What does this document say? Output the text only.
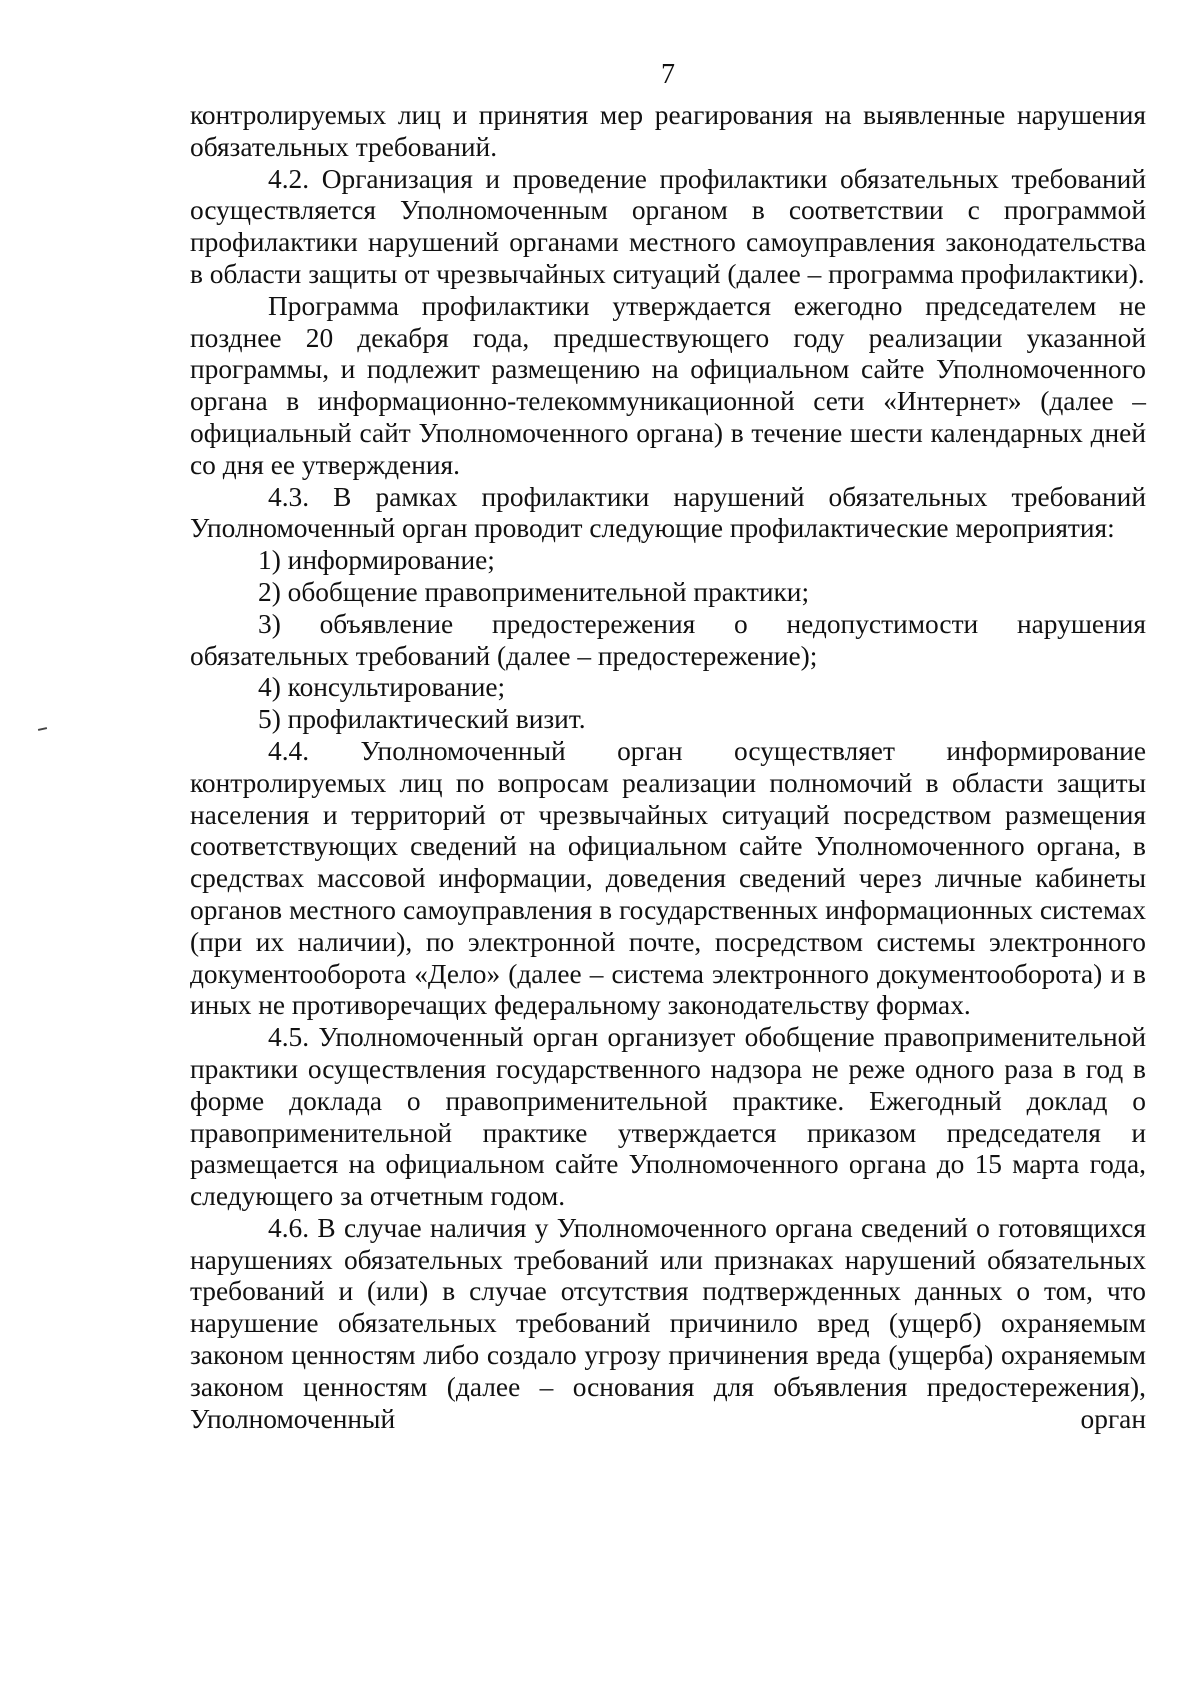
7

контролируемых лиц и принятия мер реагирования на выявленные нарушения обязательных требований.

4.2. Организация и проведение профилактики обязательных требований осуществляется Уполномоченным органом в соответствии с программой профилактики нарушений органами местного самоуправления законодательства в области защиты от чрезвычайных ситуаций (далее – программа профилактики).

Программа профилактики утверждается ежегодно председателем не позднее 20 декабря года, предшествующего году реализации указанной программы, и подлежит размещению на официальном сайте Уполномоченного органа в информационно-телекоммуникационной сети «Интернет» (далее – официальный сайт Уполномоченного органа) в течение шести календарных дней со дня ее утверждения.

4.3. В рамках профилактики нарушений обязательных требований Уполномоченный орган проводит следующие профилактические мероприятия:

1) информирование;

2) обобщение правоприменительной практики;

3) объявление предостережения о недопустимости нарушения обязательных требований (далее – предостережение);

4) консультирование;

5) профилактический визит.

4.4. Уполномоченный орган осуществляет информирование контролируемых лиц по вопросам реализации полномочий в области защиты населения и территорий от чрезвычайных ситуаций посредством размещения соответствующих сведений на официальном сайте Уполномоченного органа, в средствах массовой информации, доведения сведений через личные кабинеты органов местного самоуправления в государственных информационных системах (при их наличии), по электронной почте, посредством системы электронного документооборота «Дело» (далее – система электронного документооборота) и в иных не противоречащих федеральному законодательству формах.

4.5. Уполномоченный орган организует обобщение правоприменительной практики осуществления государственного надзора не реже одного раза в год в форме доклада о правоприменительной практике. Ежегодный доклад о правоприменительной практике утверждается приказом председателя и размещается на официальном сайте Уполномоченного органа до 15 марта года, следующего за отчетным годом.

4.6. В случае наличия у Уполномоченного органа сведений о готовящихся нарушениях обязательных требований или признаках нарушений обязательных требований и (или) в случае отсутствия подтвержденных данных о том, что нарушение обязательных требований причинило вред (ущерб) охраняемым законом ценностям либо создало угрозу причинения вреда (ущерба) охраняемым законом ценностям (далее – основания для объявления предостережения), Уполномоченный орган
